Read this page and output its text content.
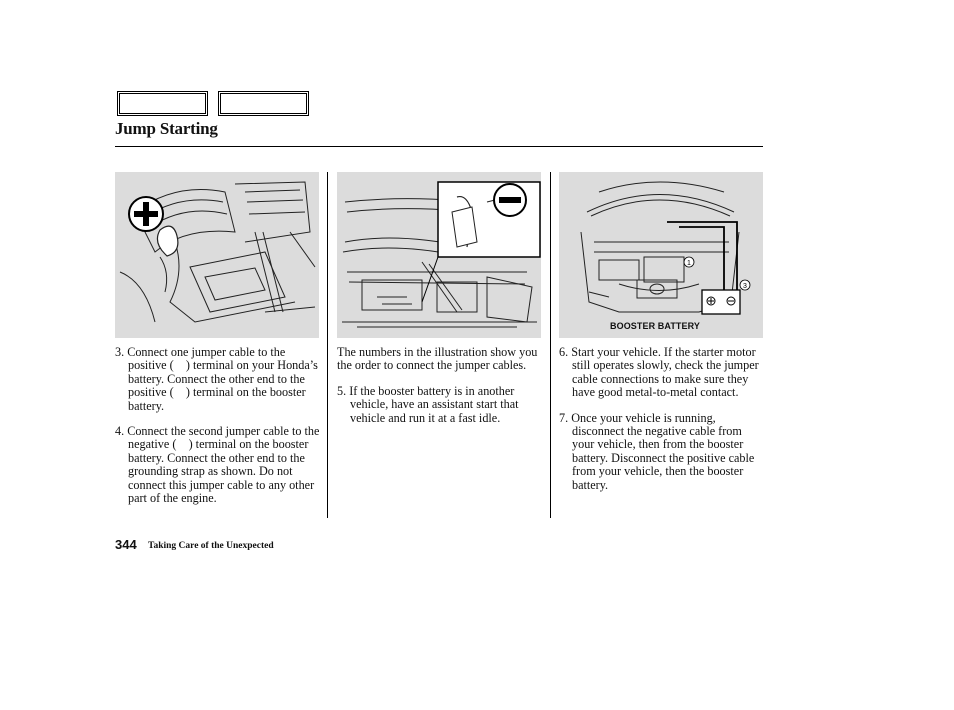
Jump Starting
3
1
BOOSTER BATTERY

3. Connect one jumper cable to the positive ( ) terminal on your Honda’s battery. Connect the other end to the positive ( ) terminal on the booster battery.

4. Connect the second jumper cable to the negative ( ) terminal on the booster battery. Connect the other end to the grounding strap as shown. Do not connect this jumper cable to any other part of the engine.

The numbers in the illustration show you the order to connect the jumper cables.

5. If the booster battery is in another vehicle, have an assistant start that vehicle and run it at a fast idle.

6. Start your vehicle. If the starter motor still operates slowly, check the jumper cable connections to make sure they have good metal-to-metal contact.

7. Once your vehicle is running, disconnect the negative cable from your vehicle, then from the booster battery. Disconnect the positive cable from your vehicle, then the booster battery.

344 Taking Care of the Unexpected
